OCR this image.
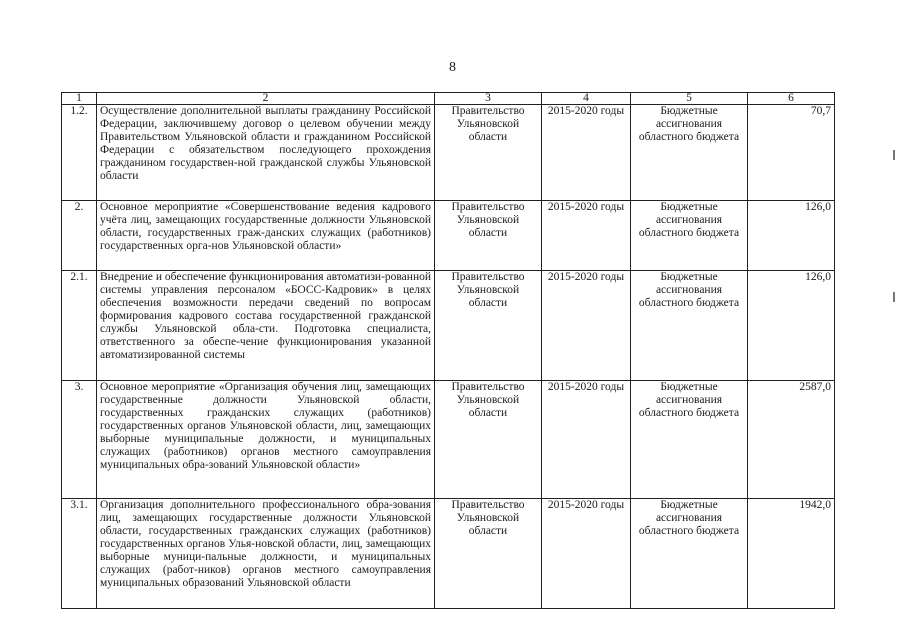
8
1	2	3	4	5	6
1.2.	Осуществление дополнительной выплаты гражданину Российской Федерации, заключившему договор о целевом обучении между Правительством Ульяновской области и гражданином Российской Федерации с обязательством последующего прохождения гражданином государствен-ной гражданской службы Ульяновской области	Правительство Ульяновской области	2015-2020 годы	Бюджетные ассигнования областного бюджета	70,7
2.	Основное мероприятие «Совершенствование ведения кадрового учёта лиц, замещающих государственные должности Ульяновской области, государственных граж-данских служащих (работников) государственных орга-нов Ульяновской области»	Правительство Ульяновской области	2015-2020 годы	Бюджетные ассигнования областного бюджета	126,0
2.1.	Внедрение и обеспечение функционирования автоматизи-рованной системы управления персоналом «БОСС-Кадровик» в целях обеспечения возможности передачи сведений по вопросам формирования кадрового состава государственной гражданской службы Ульяновской обла-сти. Подготовка специалиста, ответственного за обеспе-чение функционирования указанной автоматизированной системы	Правительство Ульяновской области	2015-2020 годы	Бюджетные ассигнования областного бюджета	126,0
3.	Основное мероприятие «Организация обучения лиц, замещающих государственные должности Ульяновской области, государственных гражданских служащих (работников) государственных органов Ульяновской области, лиц, замещающих выборные муниципальные должности, и муниципальных служащих (работников) органов местного самоуправления муниципальных обра-зований Ульяновской области»	Правительство Ульяновской области	2015-2020 годы	Бюджетные ассигнования областного бюджета	2587,0
3.1.	Организация дополнительного профессионального обра-зования лиц, замещающих государственные должности Ульяновской области, государственных гражданских служащих (работников) государственных органов Улья-новской области, лиц, замещающих выборные муници-пальные должности, и муниципальных служащих (работ-ников) органов местного самоуправления муниципальных образований Ульяновской области	Правительство Ульяновской области	2015-2020 годы	Бюджетные ассигнования областного бюджета	1942,0
